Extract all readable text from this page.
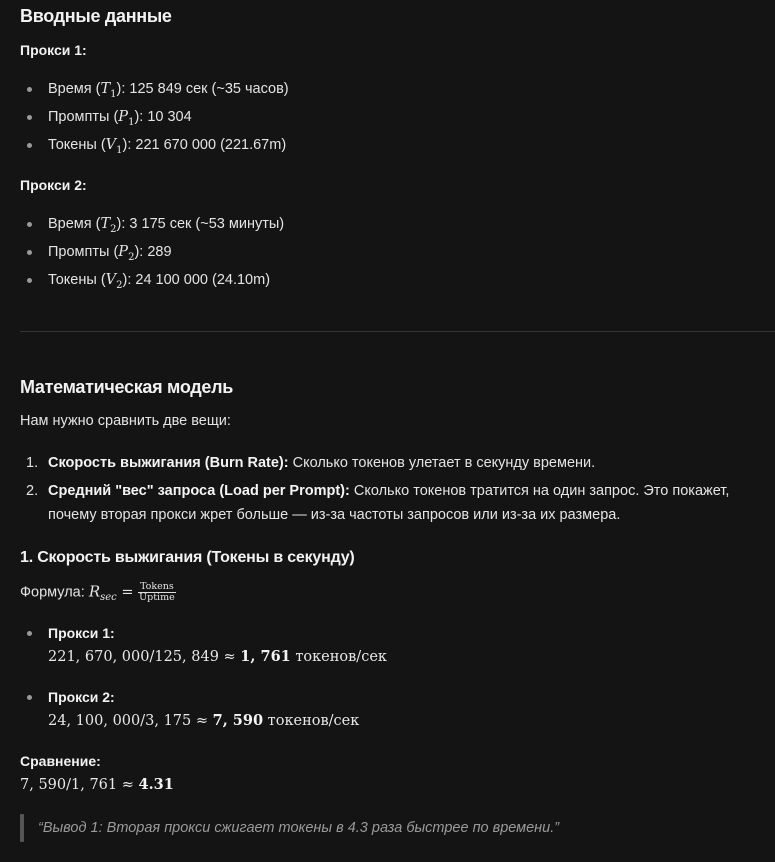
Вводные данные
Прокси 1:
Время $(T_1)$: 125 849 сек (~35 часов)
Промпты $(P_1)$: 10 304
Токены $(V_1)$: 221 670 000 (221.67m)
Прокси 2:
Время $(T_2)$: 3 175 сек (~53 минуты)
Промпты $(P_2)$: 289
Токены $(V_2)$: 24 100 000 (24.10m)
Математическая модель
Нам нужно сравнить две вещи:
1. Скорость выжигания (Burn Rate): Сколько токенов улетает в секунду времени.
2. Средний "вес" запроса (Load per Prompt): Сколько токенов тратится на один запрос. Это покажет, почему вторая прокси жрет больше — из-за частоты запросов или из-за их размера.
1. Скорость выжигания (Токены в секунду)
Формула: $R_{sec} = \frac{\text{Tokens}}{\text{Uptime}}$
Прокси 1:
221, 670, 000/125, 849 ≈ 1, 761 токенов/сек
Прокси 2:
24, 100, 000/3, 175 ≈ 7, 590 токенов/сек
Сравнение:
7, 590/1, 761 ≈ 4.31
“Вывод 1: Вторая прокси сжигает токены в 4.3 раза быстрее по времени.”
